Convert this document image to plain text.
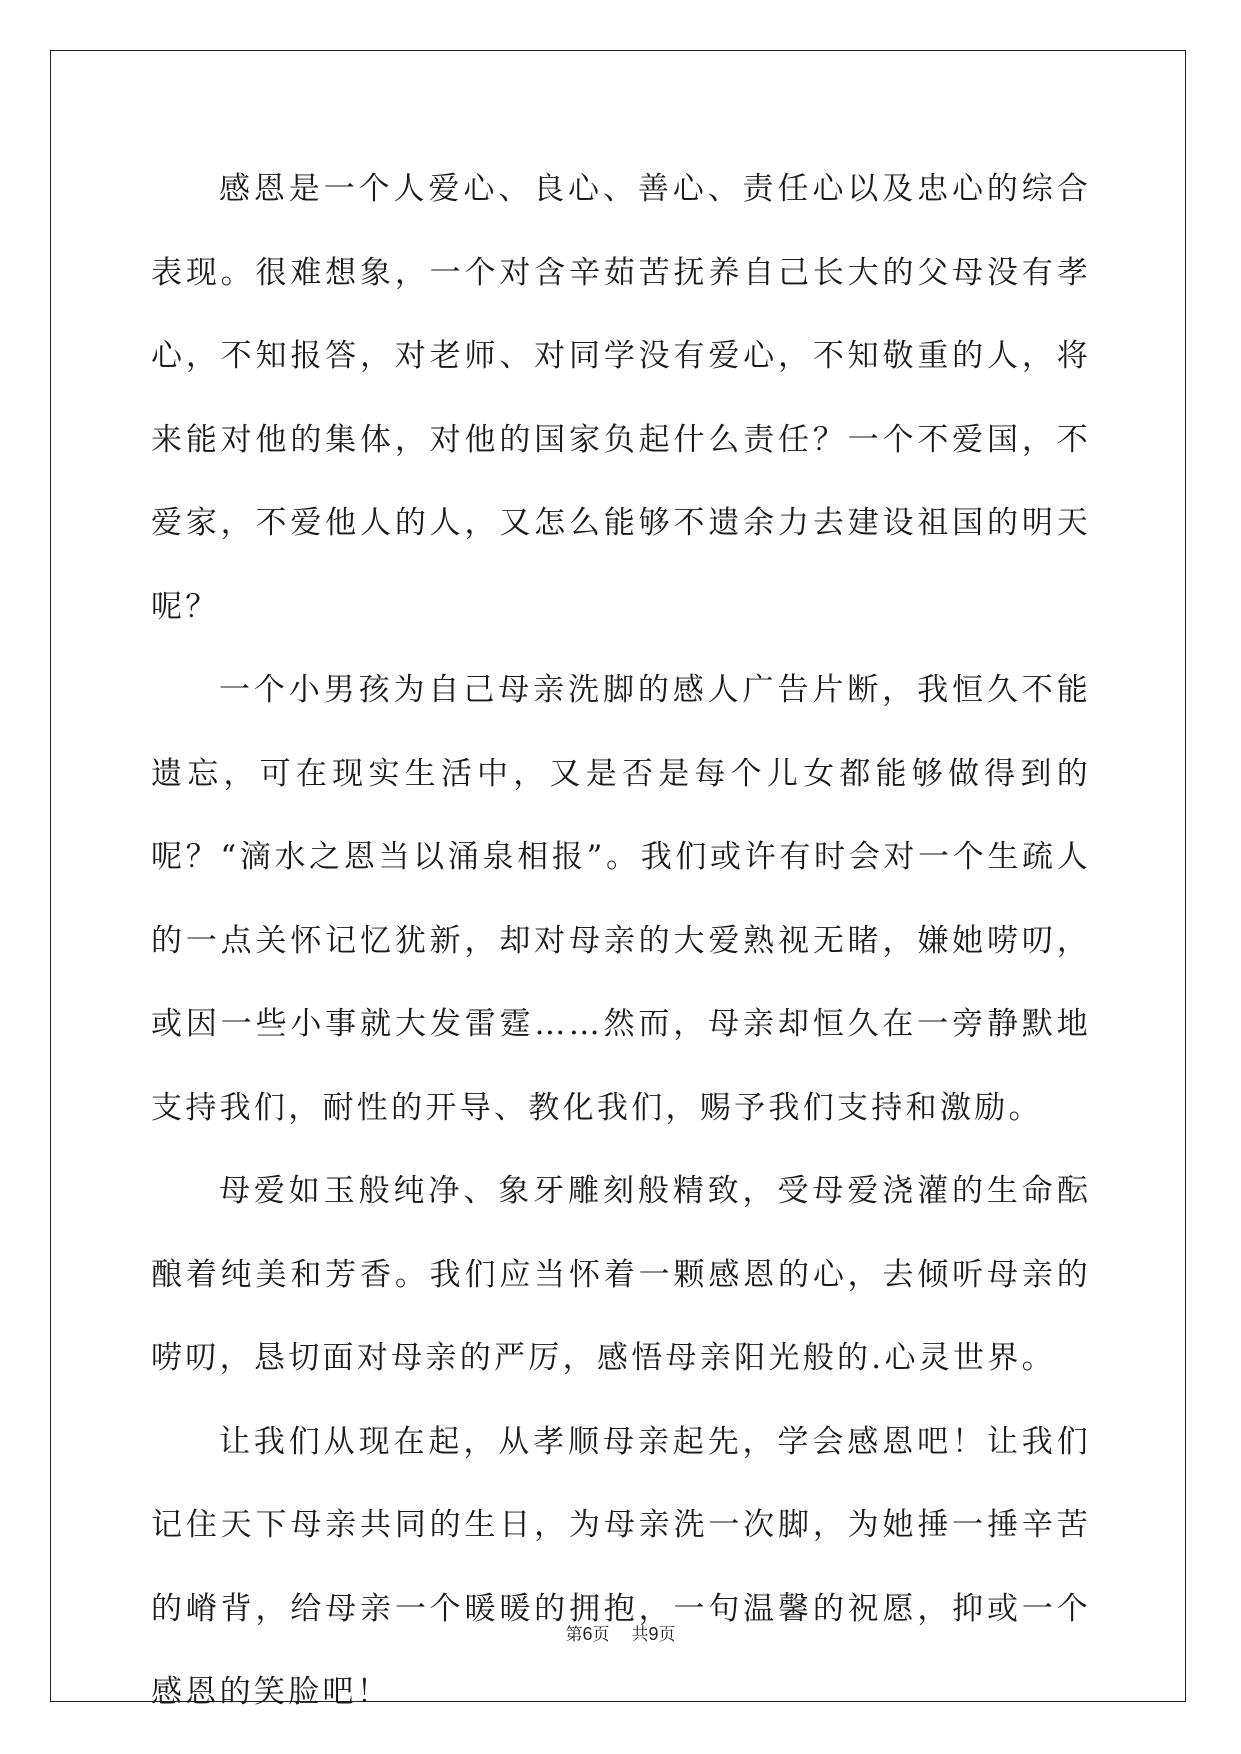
感恩是一个人爱心、良心、善心、责任心以及忠心的综合表现。很难想象，一个对含辛茹苦抚养自己长大的父母没有孝心，不知报答，对老师、对同学没有爱心，不知敬重的人，将来能对他的集体，对他的国家负起什么责任？一个不爱国，不爱家，不爱他人的人，又怎么能够不遗余力去建设祖国的明天呢？

一个小男孩为自己母亲洗脚的感人广告片断，我恒久不能遗忘，可在现实生活中，又是否是每个儿女都能够做得到的呢？“滴水之恩当以涌泉相报”。我们或许有时会对一个生疏人的一点关怀记忆犹新，却对母亲的大爱熟视无睹，嫌她唠叨，或因一些小事就大发雷霆……然而，母亲却恒久在一旁静默地支持我们，耐性的开导、教化我们，赐予我们支持和激励。

母爱如玉般纯净、象牙雕刻般精致，受母爱浇灌的生命酝酿着纯美和芳香。我们应当怀着一颗感恩的心，去倾听母亲的唠叨，恳切面对母亲的严厉，感悟母亲阳光般的.心灵世界。

让我们从现在起，从孝顺母亲起先，学会感恩吧！让我们记住天下母亲共同的生日，为母亲洗一次脚，为她捶一捶辛苦的嵴背，给母亲一个暖暖的拥抱，一句温馨的祝愿，抑或一个感恩的笑脸吧！

第6页 共9页
